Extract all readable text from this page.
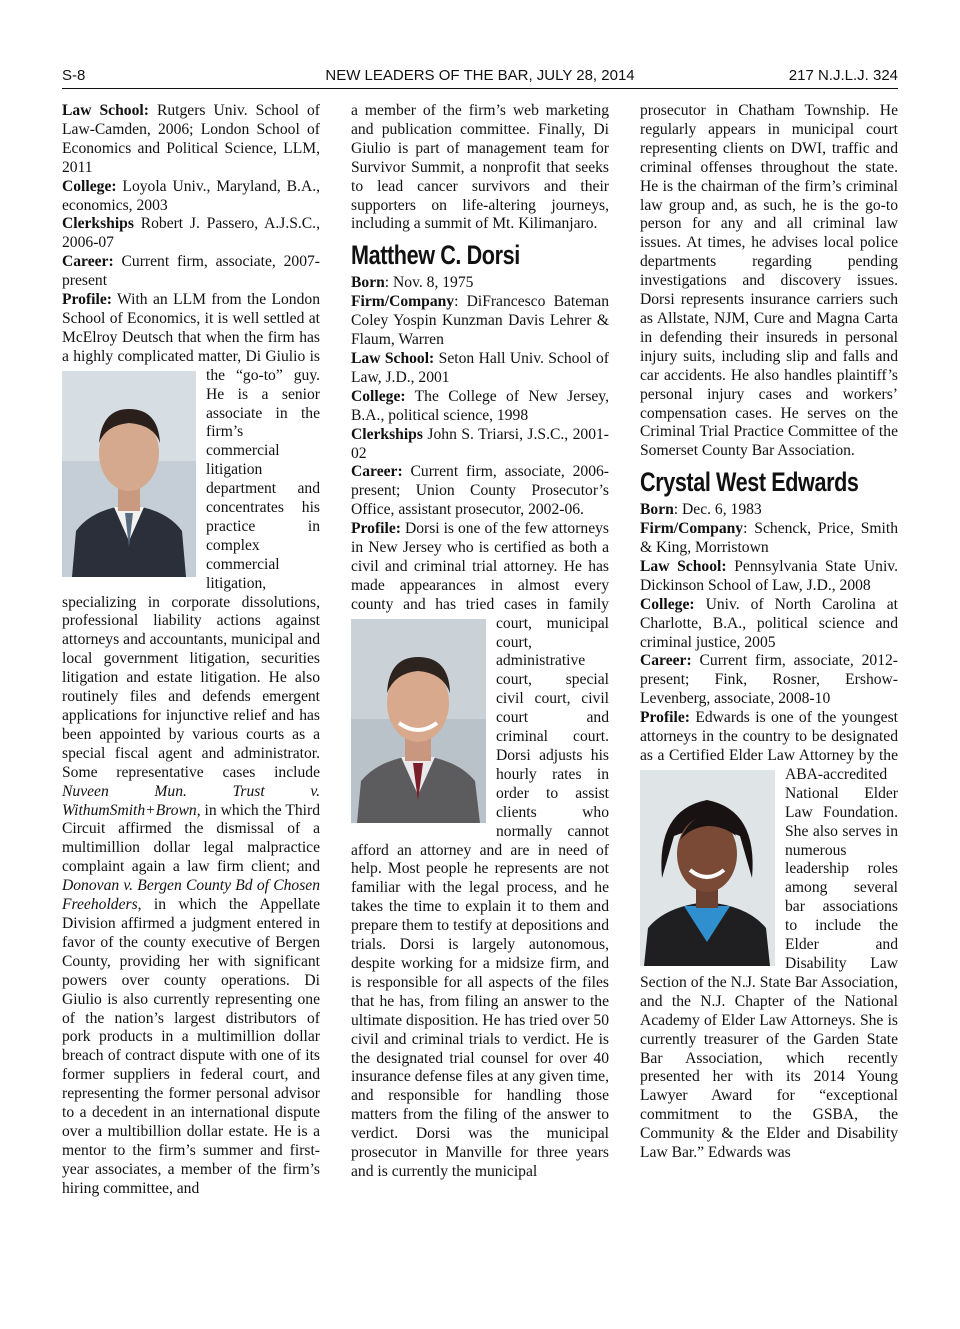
S-8	NEW LEADERS OF THE BAR, JULY 28, 2014	217 N.J.L.J. 324

Law School: Rutgers Univ. School of Law-Camden, 2006; London School of Economics and Political Science, LLM, 2011

College: Loyola Univ., Maryland, B.A., economics, 2003

Clerkships Robert J. Passero, A.J.S.C., 2006-07

Career: Current firm, associate, 2007-present

Profile: With an LLM from the London School of Economics, it is well settled at McElroy Deutsch that when the firm has a highly complicated matter, Di Giulio is the “go-to” guy. He is a senior associate in the firm’s commercial litigation department and concentrates his practice in complex commercial litigation, specializing in corporate dissolutions, professional liability actions against attorneys and accountants, municipal and local government litigation, securities litigation and estate litigation. He also routinely files and defends emergent applications for injunctive relief and has been appointed by various courts as a special fiscal agent and administrator. Some representative cases include Nuveen Mun. Trust v. WithumSmith+Brown, in which the Third Circuit affirmed the dismissal of a multimillion dollar legal malpractice complaint again a law firm client; and Donovan v. Bergen County Bd of Chosen Freeholders, in which the Appellate Division affirmed a judgment entered in favor of the county executive of Bergen County, providing her with significant powers over county operations. Di Giulio is also currently representing one of the nation’s largest distributors of pork products in a multimillion dollar breach of contract dispute with one of its former suppliers in federal court, and representing the former personal advisor to a decedent in an international dispute over a multibillion dollar estate. He is a mentor to the firm’s summer and first-year associates, a member of the firm’s hiring committee, and

a member of the firm’s web marketing and publication committee. Finally, Di Giulio is part of management team for Survivor Summit, a nonprofit that seeks to lead cancer survivors and their supporters on life-altering journeys, including a summit of Mt. Kilimanjaro.

Matthew C. Dorsi

Born: Nov. 8, 1975

Firm/Company: DiFrancesco Bateman Coley Yospin Kunzman Davis Lehrer & Flaum, Warren

Law School: Seton Hall Univ. School of Law, J.D., 2001

College: The College of New Jersey, B.A., political science, 1998

Clerkships John S. Triarsi, J.S.C., 2001-02

Career: Current firm, associate, 2006-present; Union County Prosecutor’s Office, assistant prosecutor, 2002-06.

Profile: Dorsi is one of the few attorneys in New Jersey who is certified as both a civil and criminal trial attorney. He has made appearances in almost every county and has tried cases in family court, municipal court, administrative court, special civil court, civil court and criminal court. Dorsi adjusts his hourly rates in order to assist clients who normally cannot afford an attorney and are in need of help. Most people he represents are not familiar with the legal process, and he takes the time to explain it to them and prepare them to testify at depositions and trials. Dorsi is largely autonomous, despite working for a midsize firm, and is responsible for all aspects of the files that he has, from filing an answer to the ultimate disposition. He has tried over 50 civil and criminal trials to verdict. He is the designated trial counsel for over 40 insurance defense files at any given time, and responsible for handling those matters from the filing of the answer to verdict. Dorsi was the municipal prosecutor in Manville for three years and is currently the municipal

prosecutor in Chatham Township. He regularly appears in municipal court representing clients on DWI, traffic and criminal offenses throughout the state. He is the chairman of the firm’s criminal law group and, as such, he is the go-to person for any and all criminal law issues. At times, he advises local police departments regarding pending investigations and discovery issues. Dorsi represents insurance carriers such as Allstate, NJM, Cure and Magna Carta in defending their insureds in personal injury suits, including slip and falls and car accidents. He also handles plaintiff’s personal injury cases and workers’ compensation cases. He serves on the Criminal Trial Practice Committee of the Somerset County Bar Association.

Crystal West Edwards

Born: Dec. 6, 1983

Firm/Company: Schenck, Price, Smith & King, Morristown

Law School: Pennsylvania State Univ. Dickinson School of Law, J.D., 2008

College: Univ. of North Carolina at Charlotte, B.A., political science and criminal justice, 2005

Career: Current firm, associate, 2012-present; Fink, Rosner, Ershow-Levenberg, associate, 2008-10

Profile: Edwards is one of the youngest attorneys in the country to be designated as a Certified Elder Law Attorney by the ABA-accredited National Elder Law Foundation. She also serves in numerous leadership roles among several bar associations to include the Elder and Disability Law Section of the N.J. State Bar Association, and the N.J. Chapter of the National Academy of Elder Law Attorneys. She is currently treasurer of the Garden State Bar Association, which recently presented her with its 2014 Young Lawyer Award for “exceptional commitment to the GSBA, the Community & the Elder and Disability Law Bar.” Edwards was
